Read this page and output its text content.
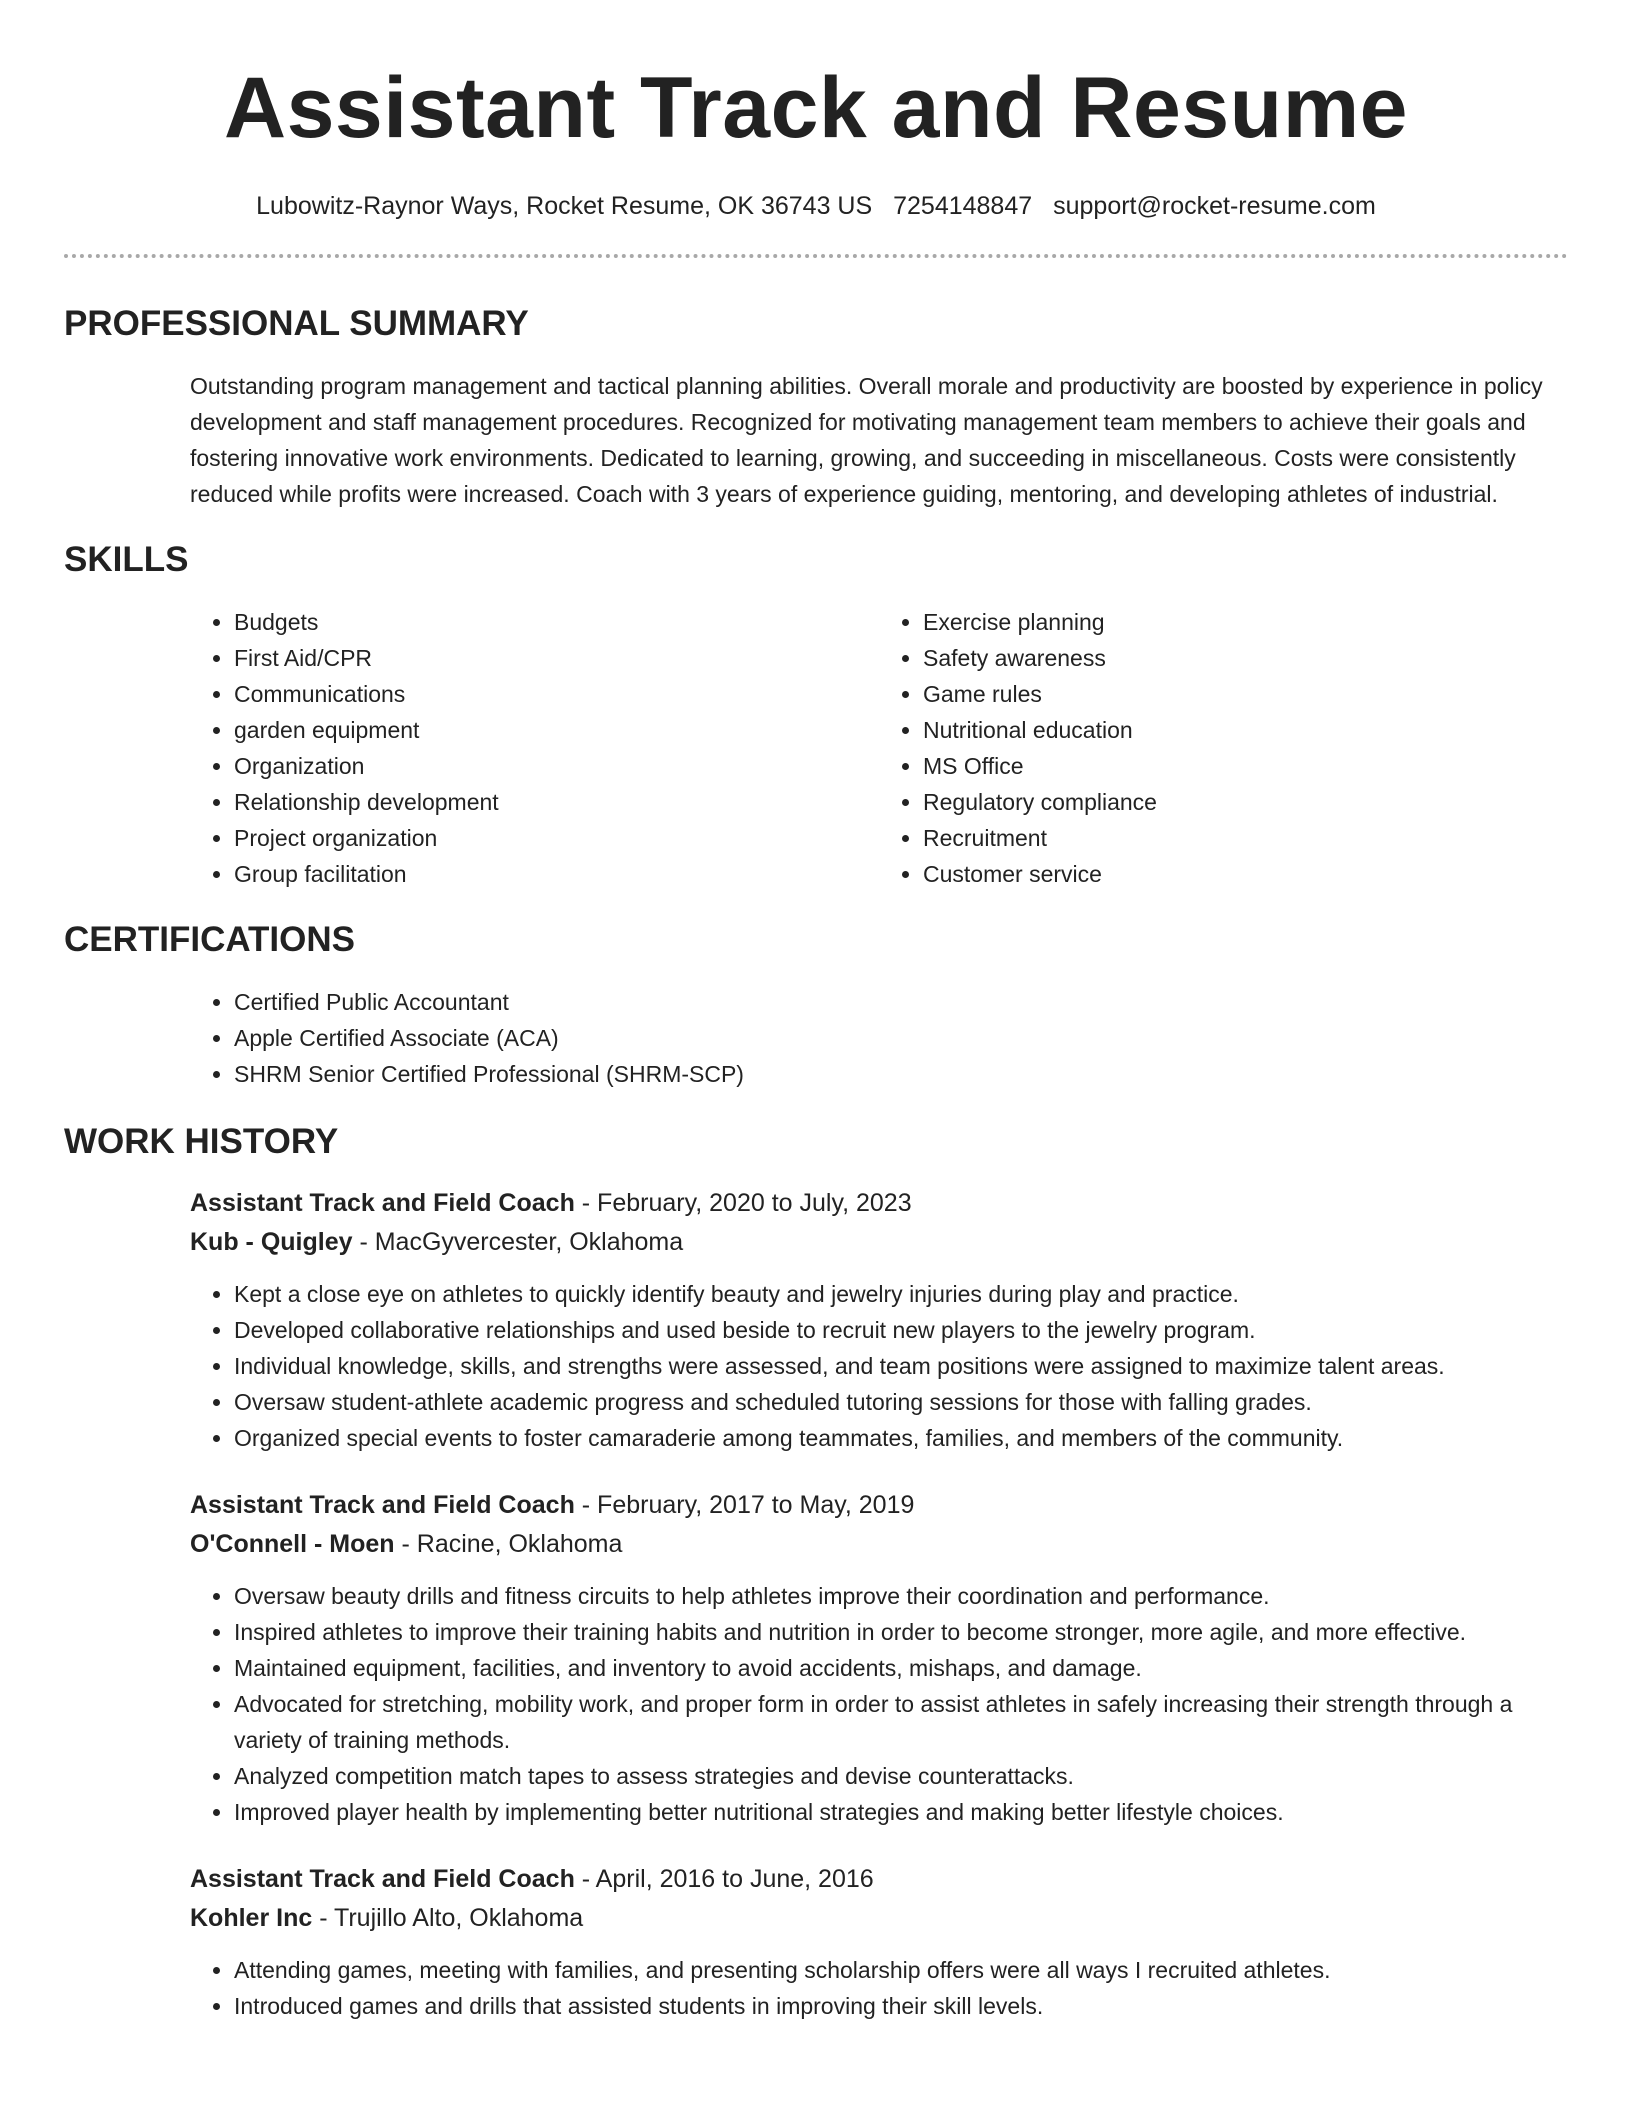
Assistant Track and Resume
Lubowitz-Raynor Ways, Rocket Resume, OK 36743 US 7254148847 support@rocket-resume.com
PROFESSIONAL SUMMARY

Outstanding program management and tactical planning abilities. Overall morale and productivity are boosted by experience in policy development and staff management procedures. Recognized for motivating management team members to achieve their goals and fostering innovative work environments. Dedicated to learning, growing, and succeeding in miscellaneous. Costs were consistently reduced while profits were increased. Coach with 3 years of experience guiding, mentoring, and developing athletes of industrial.

SKILLS
• Budgets
• First Aid/CPR
• Communications
• garden equipment
• Organization
• Relationship development
• Project organization
• Group facilitation
• Exercise planning
• Safety awareness
• Game rules
• Nutritional education
• MS Office
• Regulatory compliance
• Recruitment
• Customer service
CERTIFICATIONS
• Certified Public Accountant
• Apple Certified Associate (ACA)
• SHRM Senior Certified Professional (SHRM-SCP)
WORK HISTORY
Assistant Track and Field Coach - February, 2020 to July, 2023
Kub - Quigley - MacGyvercester, Oklahoma
• Kept a close eye on athletes to quickly identify beauty and jewelry injuries during play and practice.
• Developed collaborative relationships and used beside to recruit new players to the jewelry program.
• Individual knowledge, skills, and strengths were assessed, and team positions were assigned to maximize talent areas.
• Oversaw student-athlete academic progress and scheduled tutoring sessions for those with falling grades.
• Organized special events to foster camaraderie among teammates, families, and members of the community.
Assistant Track and Field Coach - February, 2017 to May, 2019
O'Connell - Moen - Racine, Oklahoma
• Oversaw beauty drills and fitness circuits to help athletes improve their coordination and performance.
• Inspired athletes to improve their training habits and nutrition in order to become stronger, more agile, and more effective.
• Maintained equipment, facilities, and inventory to avoid accidents, mishaps, and damage.
• Advocated for stretching, mobility work, and proper form in order to assist athletes in safely increasing their strength through a variety of training methods.
• Analyzed competition match tapes to assess strategies and devise counterattacks.
• Improved player health by implementing better nutritional strategies and making better lifestyle choices.
Assistant Track and Field Coach - April, 2016 to June, 2016
Kohler Inc - Trujillo Alto, Oklahoma
• Attending games, meeting with families, and presenting scholarship offers were all ways I recruited athletes.
• Introduced games and drills that assisted students in improving their skill levels.
